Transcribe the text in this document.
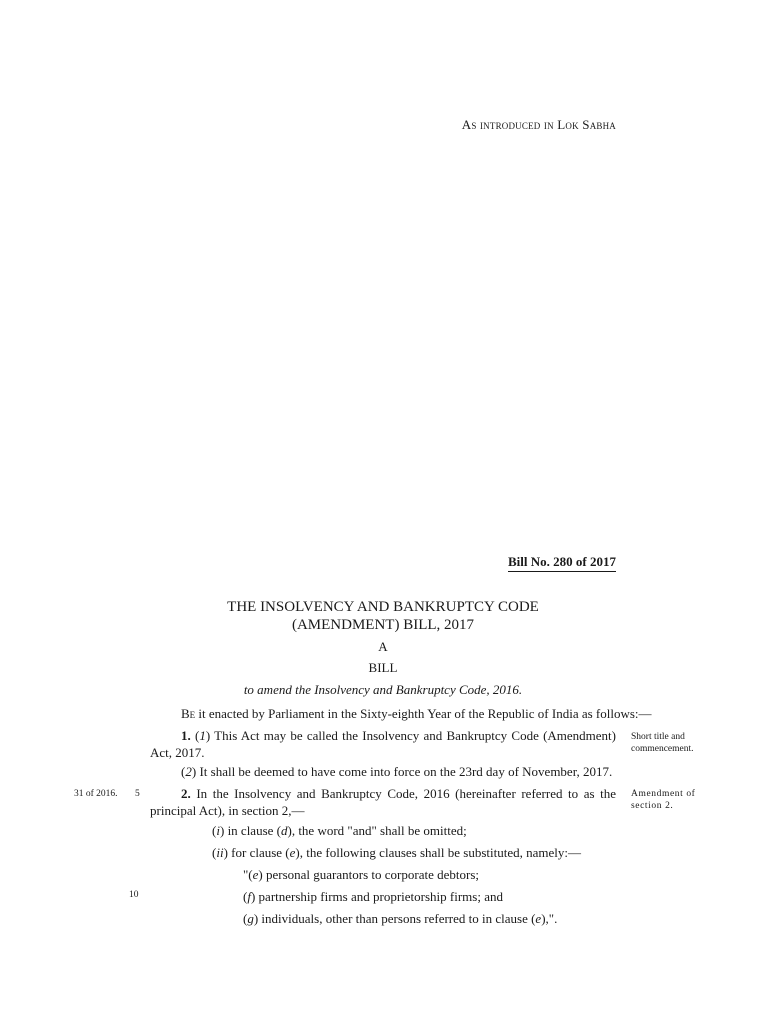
As introduced in Lok Sabha
Bill No. 280 of 2017
THE INSOLVENCY AND BANKRUPTCY CODE
(AMENDMENT) BILL, 2017
A
BILL
to amend the Insolvency and Bankruptcy Code, 2016.
Be it enacted by Parliament in the Sixty-eighth Year of the Republic of India as follows:—
1. (1) This Act may be called the Insolvency and Bankruptcy Code (Amendment) Act, 2017.
(2) It shall be deemed to have come into force on the 23rd day of November, 2017.
Short title and commencement.
31 of 2016. 5	2. In the Insolvency and Bankruptcy Code, 2016 (hereinafter referred to as the principal Act), in section 2,—
Amendment of section 2.
(i) in clause (d), the word "and" shall be omitted;
(ii) for clause (e), the following clauses shall be substituted, namely:—
"(e) personal guarantors to corporate debtors;
10	(f) partnership firms and proprietorship firms; and
(g) individuals, other than persons referred to in clause (e),".
